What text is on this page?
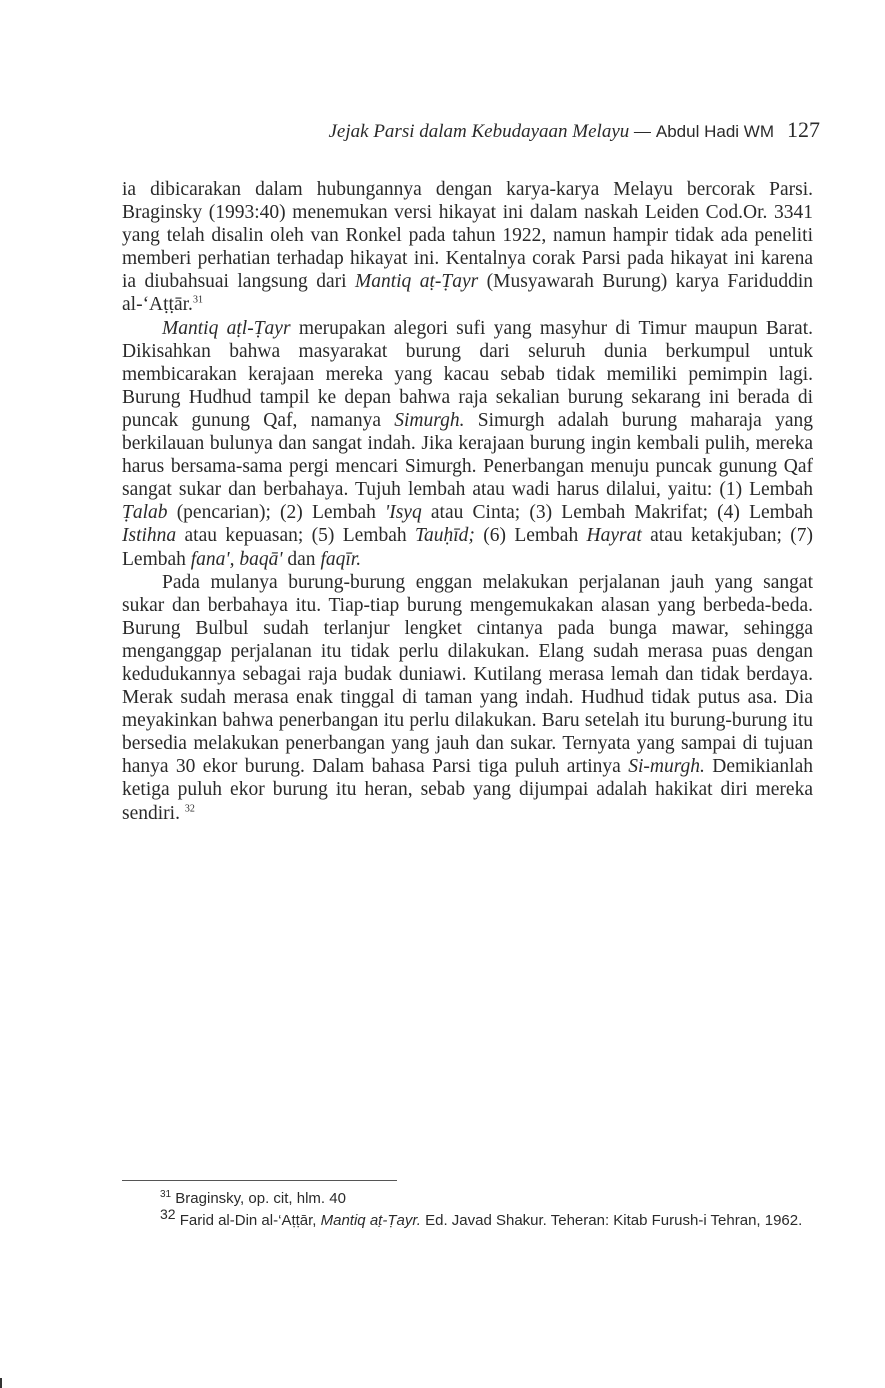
Jejak Parsi dalam Kebudayaan Melayu — Abdul Hadi WM 127

ia dibicarakan dalam hubungannya dengan karya-karya Melayu bercorak Parsi. Braginsky (1993:40) menemukan versi hikayat ini dalam naskah Leiden Cod.Or. 3341 yang telah disalin oleh van Ronkel pada tahun 1922, namun hampir tidak ada peneliti memberi perhatian terhadap hikayat ini. Kentalnya corak Parsi pada hikayat ini karena ia diubahsuai langsung dari Mantiq aṭ-Ṭayr (Musyawarah Burung) karya Fariduddin al-‘Aṭṭār.$^{31}$

Mantiq aṭl-Ṭayr merupakan alegori sufi yang masyhur di Timur maupun Barat. Dikisahkan bahwa masyarakat burung dari seluruh dunia berkumpul untuk membicarakan kerajaan mereka yang kacau sebab tidak memiliki pemimpin lagi. Burung Hudhud tampil ke depan bahwa raja sekalian burung sekarang ini berada di puncak gunung Qaf, namanya Simurgh. Simurgh adalah burung maharaja yang berkilauan bulunya dan sangat indah. Jika kerajaan burung ingin kembali pulih, mereka harus bersama-sama pergi mencari Simurgh. Penerbangan menuju puncak gunung Qaf sangat sukar dan berbahaya. Tujuh lembah atau wadi harus dilalui, yaitu: (1) Lembah Ṭalab (pencarian); (2) Lembah 'Isyq atau Cinta; (3) Lembah Makrifat; (4) Lembah Istihna atau kepuasan; (5) Lembah Tauḥīd; (6) Lembah Hayrat atau ketakjuban; (7) Lembah fana', baqā' dan faqīr.

Pada mulanya burung-burung enggan melakukan perjalanan jauh yang sangat sukar dan berbahaya itu. Tiap-tiap burung mengemukakan alasan yang berbeda-beda. Burung Bulbul sudah terlanjur lengket cintanya pada bunga mawar, sehingga menganggap perjalanan itu tidak perlu dilakukan. Elang sudah merasa puas dengan kedudukannya sebagai raja budak duniawi. Kutilang merasa lemah dan tidak berdaya. Merak sudah merasa enak tinggal di taman yang indah. Hudhud tidak putus asa. Dia meyakinkan bahwa penerbangan itu perlu dilakukan. Baru setelah itu burung-burung itu bersedia melakukan penerbangan yang jauh dan sukar. Ternyata yang sampai di tujuan hanya 30 ekor burung. Dalam bahasa Parsi tiga puluh artinya Si-murgh. Demikianlah ketiga puluh ekor burung itu heran, sebab yang dijumpai adalah hakikat diri mereka sendiri. $^{32}$

$^{31}$ Braginsky, op. cit, hlm. 40

$^{32}$ Farid al-Din al-‘Aṭṭār, Mantiq aṭ-Ṭayr. Ed. Javad Shakur. Teheran: Kitab Furush-i Tehran, 1962.
